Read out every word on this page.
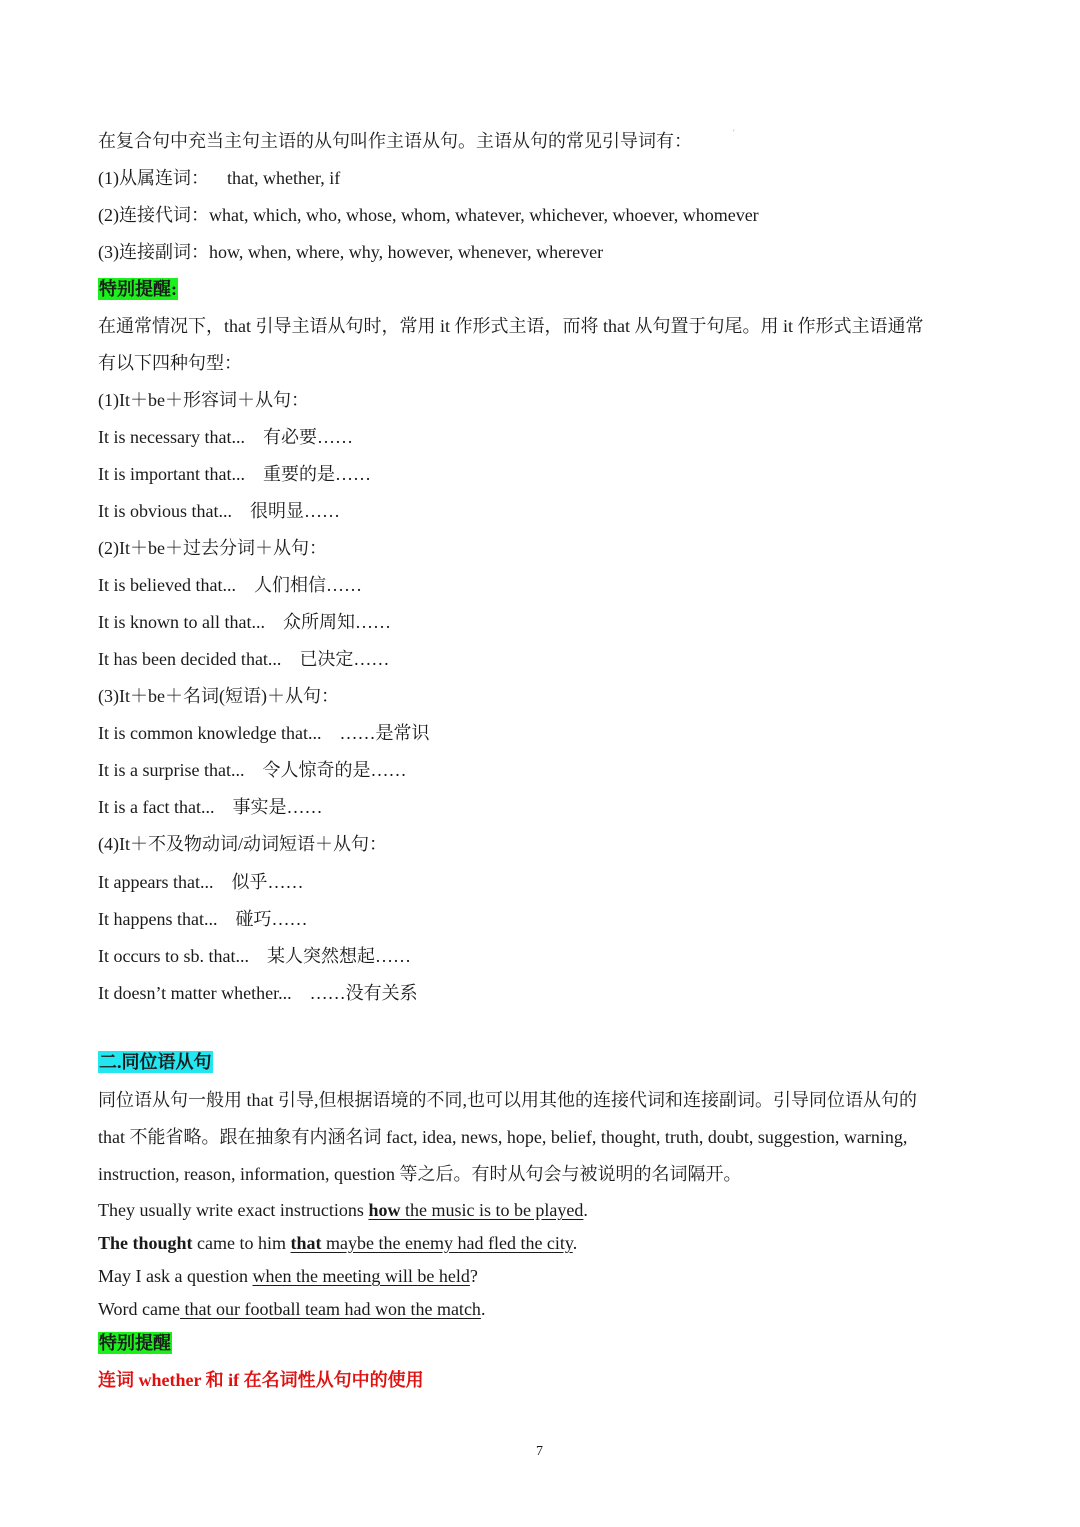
在复合句中充当主句主语的从句叫作主语从句。主语从句的常见引导词有：	'
(1)从属连词： that, whether, if
(2)连接代词：what, which, who, whose, whom, whatever, whichever, whoever, whomever
(3)连接副词：how, when, where, why, however, whenever, wherever
特别提醒:
在通常情况下，that 引导主语从句时，常用 it 作形式主语，而将 that 从句置于句尾。用 it 作形式主语通常
有以下四种句型：
(1)It＋be＋形容词＋从句：
It is necessary that... 有必要……
It is important that... 重要的是……
It is obvious that... 很明显……
(2)It＋be＋过去分词＋从句：
It is believed that... 人们相信……
It is known to all that... 众所周知……
It has been decided that... 已决定……
(3)It＋be＋名词(短语)＋从句：
It is common knowledge that... ……是常识
It is a surprise that... 令人惊奇的是……
It is a fact that... 事实是……
(4)It＋不及物动词/动词短语＋从句：
It appears that... 似乎……
It happens that... 碰巧……
It occurs to sb. that... 某人突然想起……
It doesn’t matter whether... ……没有关系
二.同位语从句
同位语从句一般用 that 引导,但根据语境的不同,也可以用其他的连接代词和连接副词。引导同位语从句的
that 不能省略。跟在抽象有内涵名词 fact, idea, news, hope, belief, thought, truth, doubt, suggestion, warning,
instruction, reason, information, question 等之后。有时从句会与被说明的名词隔开。
They usually write exact instructions how the music is to be played.
The thought came to him that maybe the enemy had fled the city.
May I ask a question when the meeting will be held?
Word came that our football team had won the match.
特别提醒
连词 whether 和 if 在名词性从句中的使用
7
